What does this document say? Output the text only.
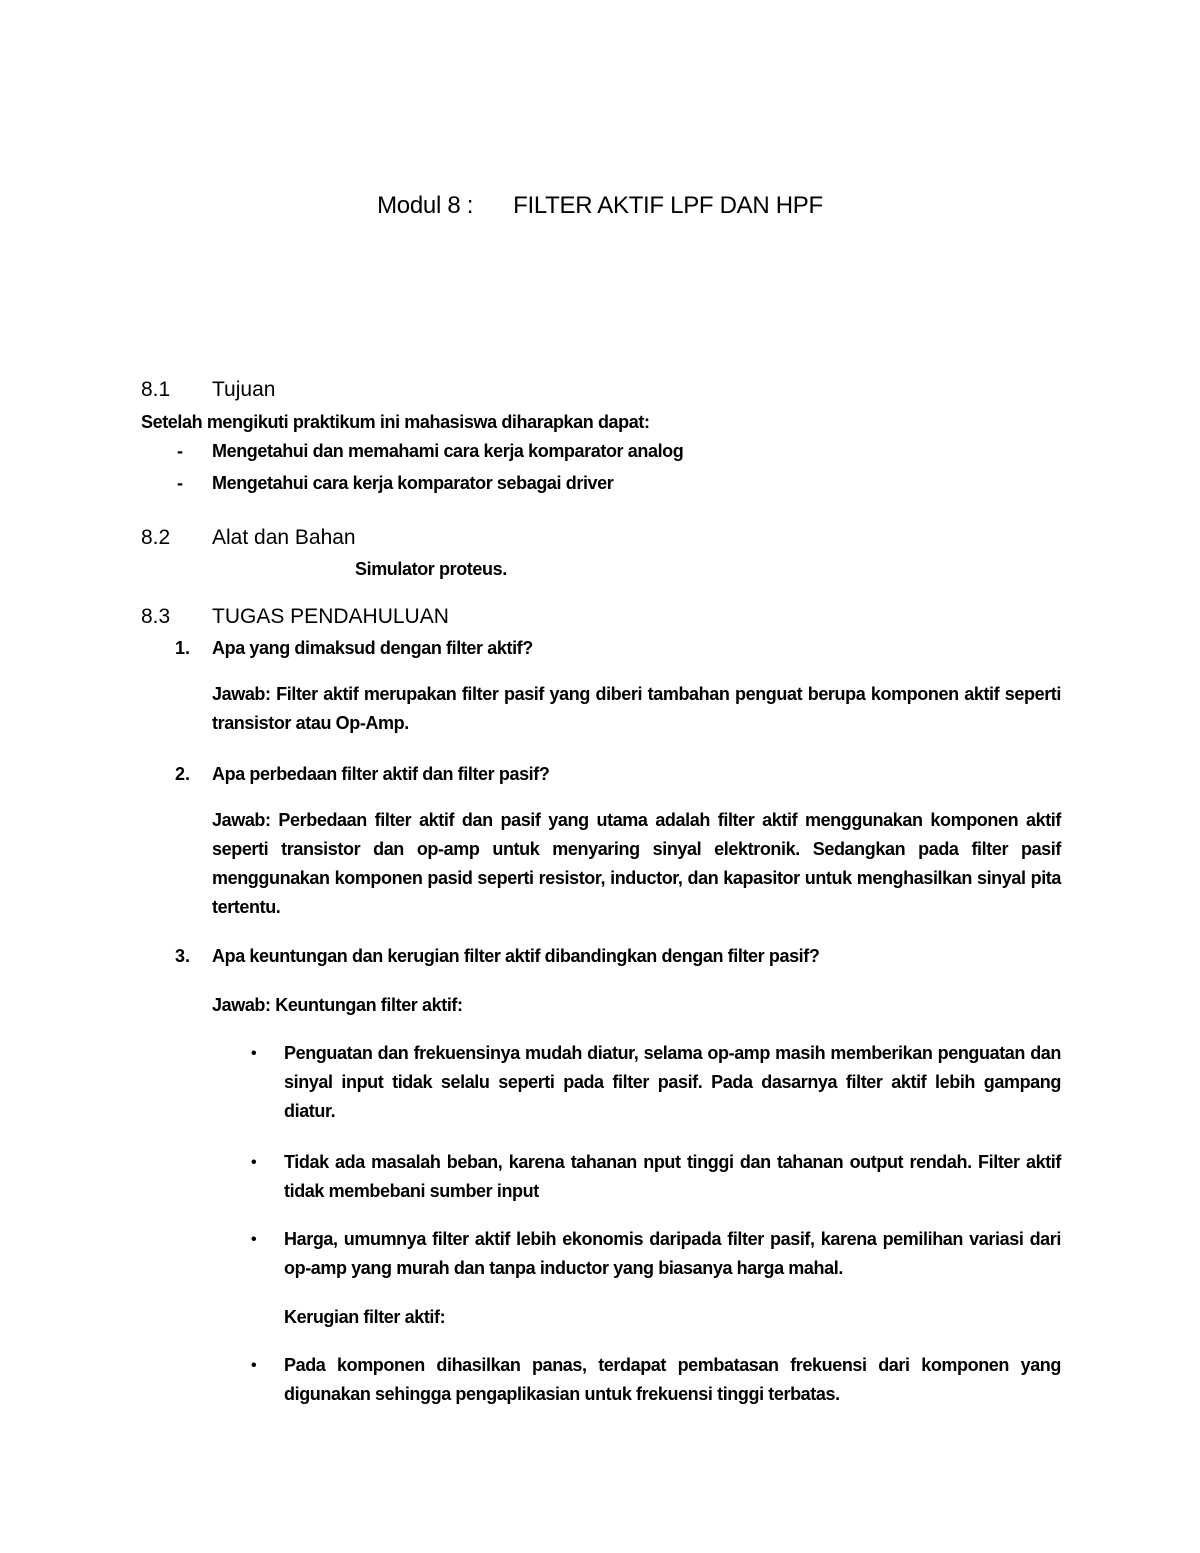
Modul 8 : FILTER AKTIF LPF DAN HPF
8.1 Tujuan
Setelah mengikuti praktikum ini mahasiswa diharapkan dapat:
- Mengetahui dan memahami cara kerja komparator analog
- Mengetahui cara kerja komparator sebagai driver
8.2 Alat dan Bahan
Simulator proteus.
8.3 TUGAS PENDAHULUAN
1. Apa yang dimaksud dengan filter aktif?
Jawab: Filter aktif merupakan filter pasif yang diberi tambahan penguat berupa komponen aktif seperti transistor atau Op-Amp.
2. Apa perbedaan filter aktif dan filter pasif?
Jawab: Perbedaan filter aktif dan pasif yang utama adalah filter aktif menggunakan komponen aktif seperti transistor dan op-amp untuk menyaring sinyal elektronik. Sedangkan pada filter pasif menggunakan komponen pasid seperti resistor, inductor, dan kapasitor untuk menghasilkan sinyal pita tertentu.
3. Apa keuntungan dan kerugian filter aktif dibandingkan dengan filter pasif?
Jawab: Keuntungan filter aktif:
• Penguatan dan frekuensinya mudah diatur, selama op-amp masih memberikan penguatan dan sinyal input tidak selalu seperti pada filter pasif. Pada dasarnya filter aktif lebih gampang diatur.
• Tidak ada masalah beban, karena tahanan nput tinggi dan tahanan output rendah. Filter aktif tidak membebani sumber input
• Harga, umumnya filter aktif lebih ekonomis daripada filter pasif, karena pemilihan variasi dari op-amp yang murah dan tanpa inductor yang biasanya harga mahal.
Kerugian filter aktif:
• Pada komponen dihasilkan panas, terdapat pembatasan frekuensi dari komponen yang digunakan sehingga pengaplikasian untuk frekuensi tinggi terbatas.
